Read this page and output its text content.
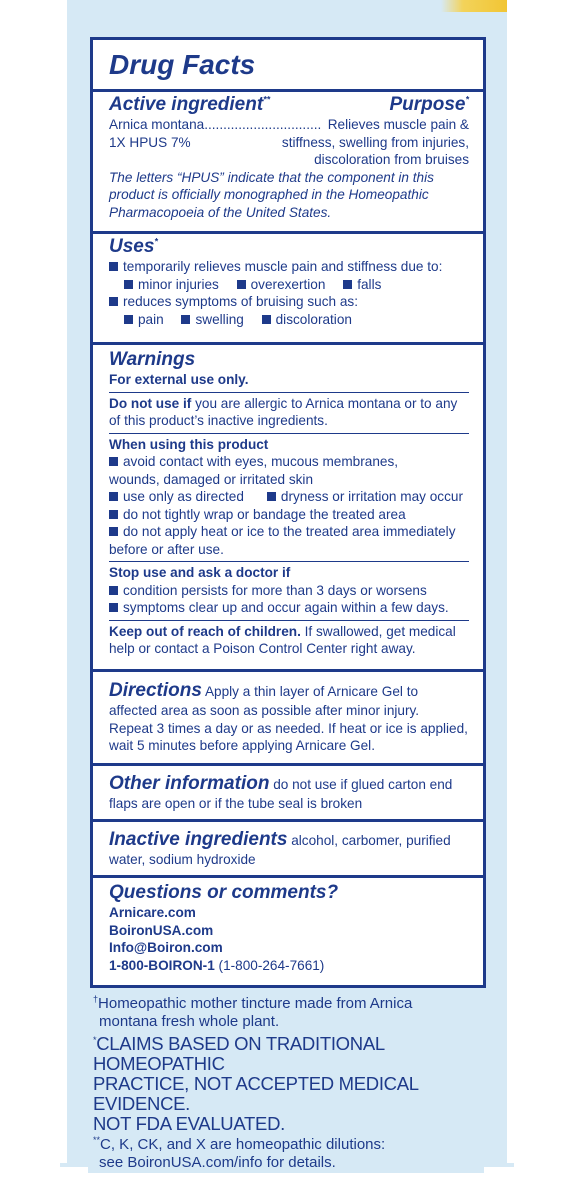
Drug Facts
Active ingredient**	Purpose*
Arnica montana ............................... Relieves muscle pain &
1X HPUS 7%	stiffness, swelling from injuries,
discoloration from bruises
The letters “HPUS” indicate that the component in this
product is officially monographed in the Homeopathic
Pharmacopoeia of the United States.
Uses*
temporarily relieves muscle pain and stiffness due to:
minor injuries overexertion falls
reduces symptoms of bruising such as:
pain swelling discoloration
Warnings
For external use only.
Do not use if you are allergic to Arnica montana or to any
of this product’s inactive ingredients.
When using this product
avoid contact with eyes, mucous membranes,
wounds, damaged or irritated skin
use only as directed	dryness or irritation may occur
do not tightly wrap or bandage the treated area
do not apply heat or ice to the treated area immediately
before or after use.
Stop use and ask a doctor if
condition persists for more than 3 days or worsens
symptoms clear up and occur again within a few days.
Keep out of reach of children. If swallowed, get medical
help or contact a Poison Control Center right away.
Directions Apply a thin layer of Arnicare Gel to
affected area as soon as possible after minor injury.
Repeat 3 times a day or as needed. If heat or ice is applied,
wait 5 minutes before applying Arnicare Gel.
Other information do not use if glued carton end
flaps are open or if the tube seal is broken
Inactive ingredients alcohol, carbomer, purified
water, sodium hydroxide
Questions or comments?
Arnicare.com
BoironUSA.com
Info@Boiron.com
1-800-BOIRON-1 (1-800-264-7661)
†Homeopathic mother tincture made from Arnica
montana fresh whole plant.
*CLAIMS BASED ON TRADITIONAL HOMEOPATHIC
PRACTICE, NOT ACCEPTED MEDICAL EVIDENCE.
NOT FDA EVALUATED.
**C, K, CK, and X are homeopathic dilutions:
see BoironUSA.com/info for details.
